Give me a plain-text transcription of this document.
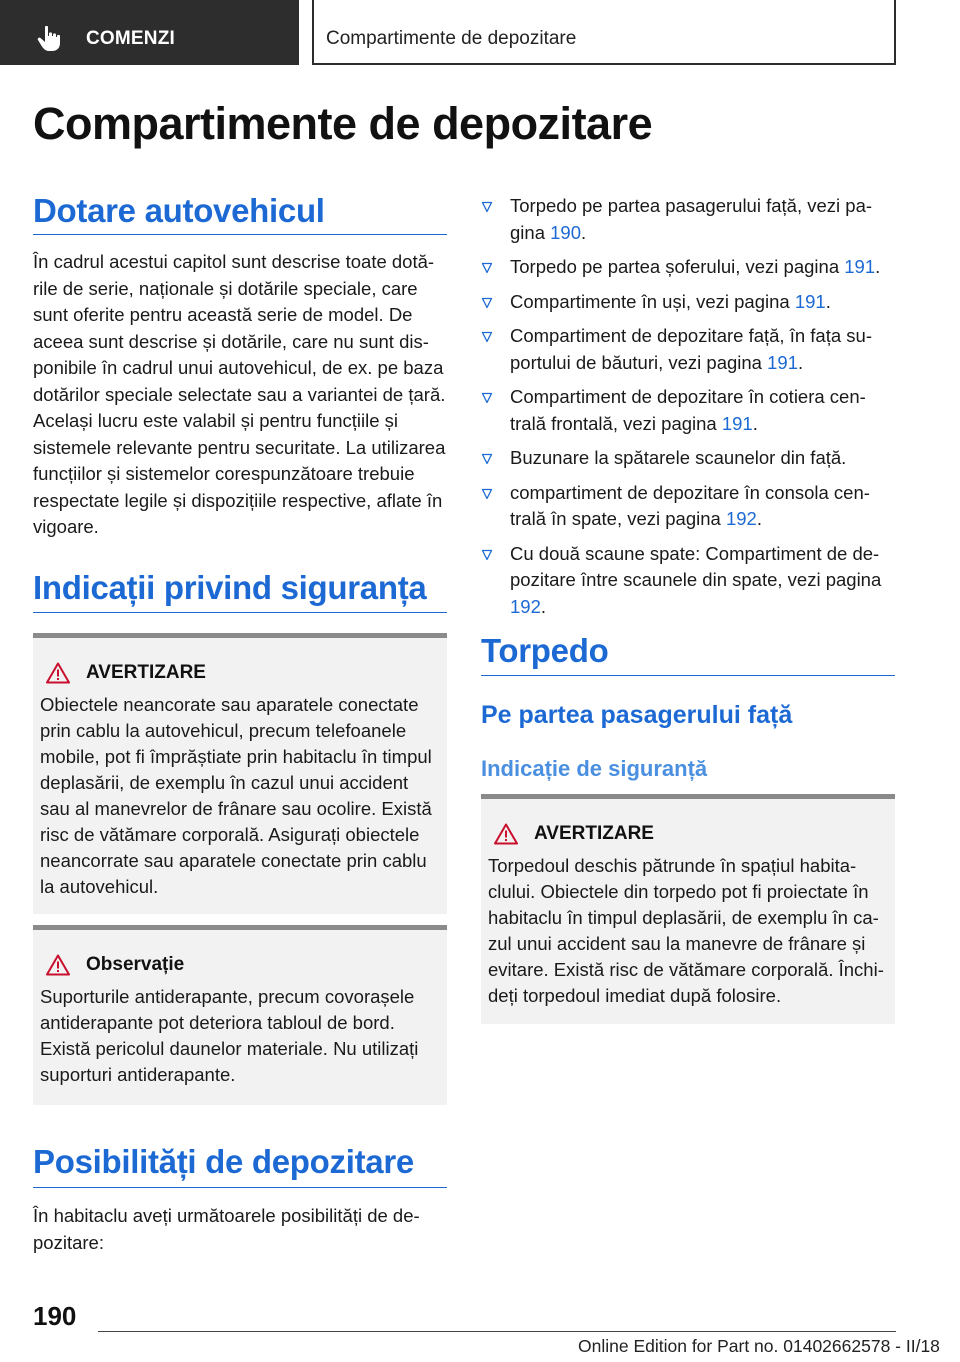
COMENZI	Compartimente de depozitare
Compartimente de depozitare
Dotare autovehicul

În cadrul acestui capitol sunt descrise toate dotările de serie, naționale și dotările speciale, care sunt oferite pentru această serie de model. De aceea sunt descrise și dotările, care nu sunt disponibile în cadrul unui autovehicul, de ex. pe baza dotărilor speciale selectate sau a variantei de țară. Același lucru este valabil și pentru funcțiile și sistemele relevante pentru securitate. La utilizarea funcțiilor și sistemelor corespunzătoare trebuie respectate legile și dispozițiile respective, aflate în vigoare.

Indicații privind siguranța
AVERTIZARE

Obiectele neancorate sau aparatele conectate prin cablu la autovehicul, precum telefoanele mobile, pot fi împrăștiate prin habitaclu în timpul deplasării, de exemplu în cazul unui accident sau al manevrelor de frânare sau ocolire. Există risc de vătămare corporală. Asigurați obiectele neancorrate sau aparatele conectate prin cablu la autovehicul.

Observație

Suporturile antiderapante, precum covorașele antiderapante pot deteriora tabloul de bord. Există pericolul daunelor materiale. Nu utilizați suporturi antiderapante.

Posibilități de depozitare

În habitaclu aveți următoarele posibilități de depozitare:

Torpedo pe partea pasagerului față, vezi pagina 190.
Torpedo pe partea șoferului, vezi pagina 191.
Compartimente în uși, vezi pagina 191.
Compartiment de depozitare față, în fața suportului de băuturi, vezi pagina 191.
Compartiment de depozitare în cotiera centrală frontală, vezi pagina 191.
Buzunare la spătarele scaunelor din față.
compartiment de depozitare în consola centrală în spate, vezi pagina 192.
Cu două scaune spate: Compartiment de depozitare între scaunele din spate, vezi pagina 192.
Torpedo
Pe partea pasagerului față
Indicație de siguranță
AVERTIZARE

Torpedoul deschis pătrunde în spațiul habitaclului. Obiectele din torpedo pot fi proiectate în habitaclu în timpul deplasării, de exemplu în cazul unui accident sau la manevre de frânare și evitare. Există risc de vătămare corporală. Închideți torpedoul imediat după folosire.

190
Online Edition for Part no. 01402662578 - II/18
